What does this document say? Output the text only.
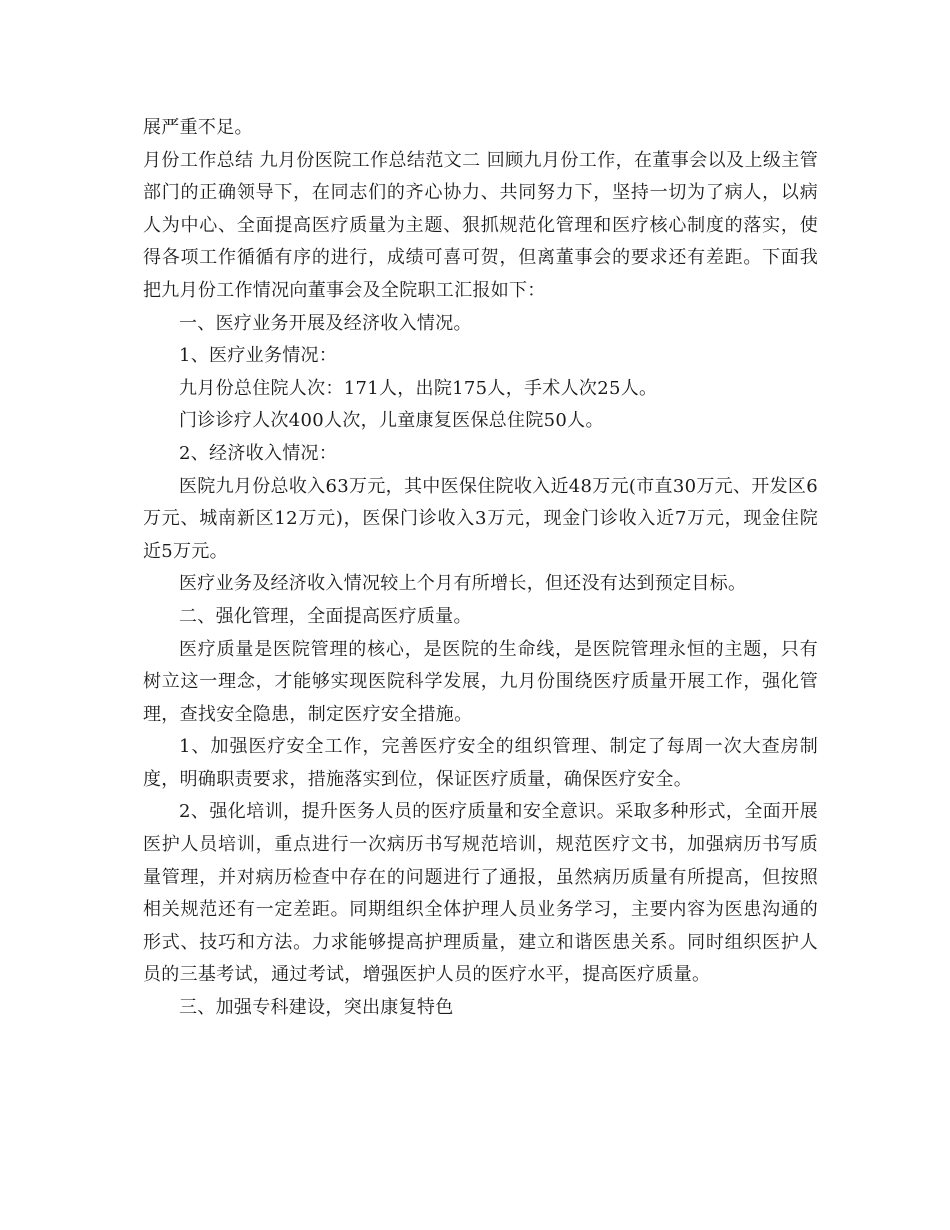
展严重不足。

月份工作总结 九月份医院工作总结范文二 回顾九月份工作，在董事会以及上级主管部门的正确领导下，在同志们的齐心协力、共同努力下，坚持一切为了病人，以病人为中心、全面提高医疗质量为主题、狠抓规范化管理和医疗核心制度的落实，使得各项工作循循有序的进行，成绩可喜可贺，但离董事会的要求还有差距。下面我把九月份工作情况向董事会及全院职工汇报如下：

一、医疗业务开展及经济收入情况。

1、医疗业务情况：

九月份总住院人次：171人，出院175人，手术人次25人。

门诊诊疗人次400人次，儿童康复医保总住院50人。

2、经济收入情况：

医院九月份总收入63万元，其中医保住院收入近48万元(市直30万元、开发区6万元、城南新区12万元)，医保门诊收入3万元，现金门诊收入近7万元，现金住院近5万元。

医疗业务及经济收入情况较上个月有所增长，但还没有达到预定目标。

二、强化管理，全面提高医疗质量。

医疗质量是医院管理的核心，是医院的生命线，是医院管理永恒的主题，只有树立这一理念，才能够实现医院科学发展，九月份围绕医疗质量开展工作，强化管理，查找安全隐患，制定医疗安全措施。

1、加强医疗安全工作，完善医疗安全的组织管理、制定了每周一次大查房制度，明确职责要求，措施落实到位，保证医疗质量，确保医疗安全。

2、强化培训，提升医务人员的医疗质量和安全意识。采取多种形式，全面开展医护人员培训，重点进行一次病历书写规范培训，规范医疗文书，加强病历书写质量管理，并对病历检查中存在的问题进行了通报，虽然病历质量有所提高，但按照相关规范还有一定差距。同期组织全体护理人员业务学习，主要内容为医患沟通的形式、技巧和方法。力求能够提高护理质量，建立和谐医患关系。同时组织医护人员的三基考试，通过考试，增强医护人员的医疗水平，提高医疗质量。

三、加强专科建设，突出康复特色
